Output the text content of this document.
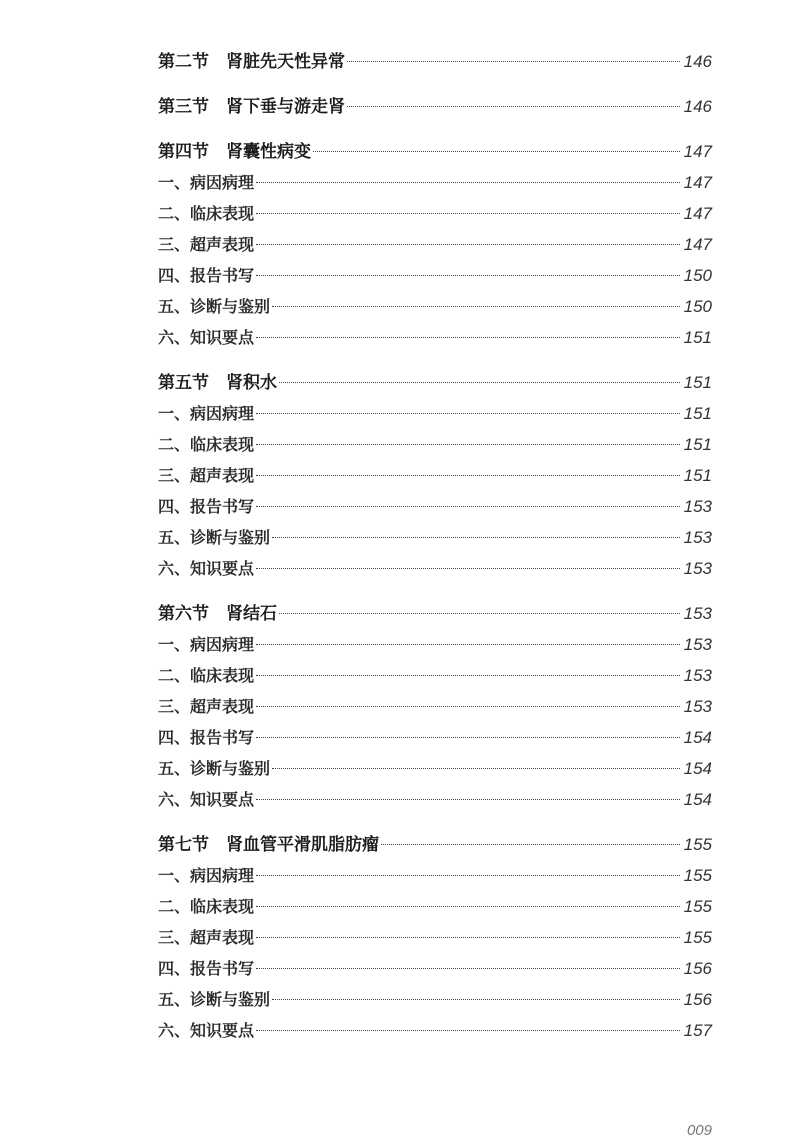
第二节 肾脏先天性异常	146
第三节 肾下垂与游走肾	146
第四节 肾囊性病变	147
一、病因病理	147
二、临床表现	147
三、超声表现	147
四、报告书写	150
五、诊断与鉴别	150
六、知识要点	151
第五节 肾积水	151
一、病因病理	151
二、临床表现	151
三、超声表现	151
四、报告书写	153
五、诊断与鉴别	153
六、知识要点	153
第六节 肾结石	153
一、病因病理	153
二、临床表现	153
三、超声表现	153
四、报告书写	154
五、诊断与鉴别	154
六、知识要点	154
第七节 肾血管平滑肌脂肪瘤	155
一、病因病理	155
二、临床表现	155
三、超声表现	155
四、报告书写	156
五、诊断与鉴别	156
六、知识要点	157
009
